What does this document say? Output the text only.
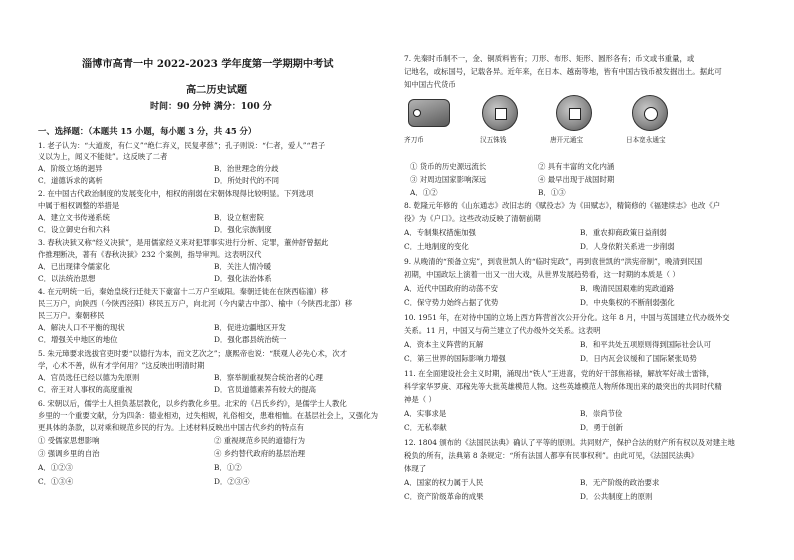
淄博市高青一中 2022-2023 学年度第一学期期中考试
高二历史试题
时间：90 分钟 满分：100 分
一、选择题：（本题共 15 小题，每小题 3 分，共 45 分）
1. 老子认为：“大道废，有仁义”“绝仁弃义，民复孝慈”；孔子则说：“仁者，爱人”“君子
义以为上，闻义不能徙”。这反映了二者
A．阶级立场的迥异	B．治世理念的分歧
C．道德诉求的离析	D．所处时代的不同
2. 在中国古代政治制度的发展变化中，相权的削弱在宋朝体现得比较明显。下列选项
中属于相权调整的举措是
A．建立文书传递系统	B．设立枢密院
C．设立御史台和六科	D．强化宗族制度
3. 春秋决狱又称“经义决狱”，是用儒家经义来对犯罪事实进行分析、定罪，董仲舒曾据此
作推理断决，著有《春秋决狱》232 个案例，指导审判。这表明汉代
A．已出现律令儒家化	B．关注人情冷暖
C．以法统治思想	D．强化法治体系
4. 在元明统一后，秦始皇统行迁徙天下豪富十二万户至咸阳。秦朝迁徙在在陕西临潼）移
民三万户，向陕西（今陕西泾阳）移民五万户，向北河（今内蒙古中部）、榆中（今陕西北部）移
民三万户。秦朝移民
A．解决人口不平衡的现状	B．促进边疆地区开发
C．增强关中地区的地位	D．强化郡县统治统一
5. 朱元璋要求选拔官吏时要“以德行为本，而文艺次之”；康熙帝也说：“朕观人必先心术，次才
学，心术不善，纵有才学何用？”这反映出明清时期
A．官员选任已经以德为先原则	B．察举制重视契合统治者的心理
C．帝王对人事权的高度重视	D．官员道德素养有较大的提高
6. 宋朝以后，儒学士人担负基层教化，以乡约教化乡里。北宋的《吕氏乡约》，是儒学士人教化
乡里的一个重要文献，分为四条：德业相劝，过失相规，礼俗相交，患难相恤。在基层社会上，又强化为
更具体的条款，以对乘和规范乡民的行为。上述材料反映出中国古代乡约的特点有
① 受儒家思想影响	② 重视规范乡民的道德行为
③ 强调乡里的自治	④ 乡约替代政府的基层治理
A．①②③	B．①②
C．①③④	D．②③④
7. 先秦时币制不一，金、铜质料皆有；刀形、布形、矩形、圆形各有；币文或书重量，或
记地名，或标国号，记载各异。近年来，在日本、越南等地，皆有中国古钱币被发掘出土。据此可
知中国古代货币
齐刀币	汉五铢钱	唐开元通宝	日本宽永通宝
① 货币的历史源远流长	② 具有丰富的文化内涵
③ 对周边国家影响深远	④ 最早出现于战国时期
A．①②	B．①③
8. 乾隆元年修的《山东通志》改旧志的《赋役志》为《田赋志》，精简修的《福建续志》也改《户
役》为《户口》。这些改动反映了清朝前期
A．专制集权措施加强	B．重农抑商政策日益削弱
C．土地制度的变化	D．人身依附关系进一步削弱
9. 从晚清的“预备立宪”，到袁世凯人的“临时宪政”，再到袁世凯的“洪宪帝制”，晚清到民国
初期，中国政坛上演着一出又一出大戏，从世界发展趋势看，这一时期的本质是（ ）
A．近代中国政府的动荡不安	B．晚清民国艰难的宪政道路
C．保守势力始终占据了优势	D．中央集权的不断削弱强化
10. 1951 年，在对待中国的立场上西方阵营首次公开分化。这年 8 月，中国与英国建立代办级外交
关系。11 月，中国又与荷兰建立了代办级外交关系。这表明
A．资本主义阵营的瓦解	B．和平共处五项原则得到国际社会认可
C．第三世界的国际影响力增强	D．日内瓦会议缓和了国际紧张局势
11. 在全面建设社会主义时期，涌现出“铁人”王进喜，党的好干部焦裕禄，解放军好战士雷锋，
科学家华罗庚、邓稼先等大批英雄模范人物。这些英雄模范人物所体现出来的最突出的共同时代精
神是（ ）
A．实事求是	B．崇尚节俭
C．无私奉献	D．勇于创新
12. 1804 颁布的《法国民法典》确认了平等的原则。共同财产，保护合法的财产所有权以及对建主地
税负的所有，法典第 8 条规定：“所有法国人都享有民事权利”。由此可见，《法国民法典》
体现了
A．国家的权力属于人民	B．无产阶级的政治要求
C．资产阶级革命的成果	D．公共制度上的原则
